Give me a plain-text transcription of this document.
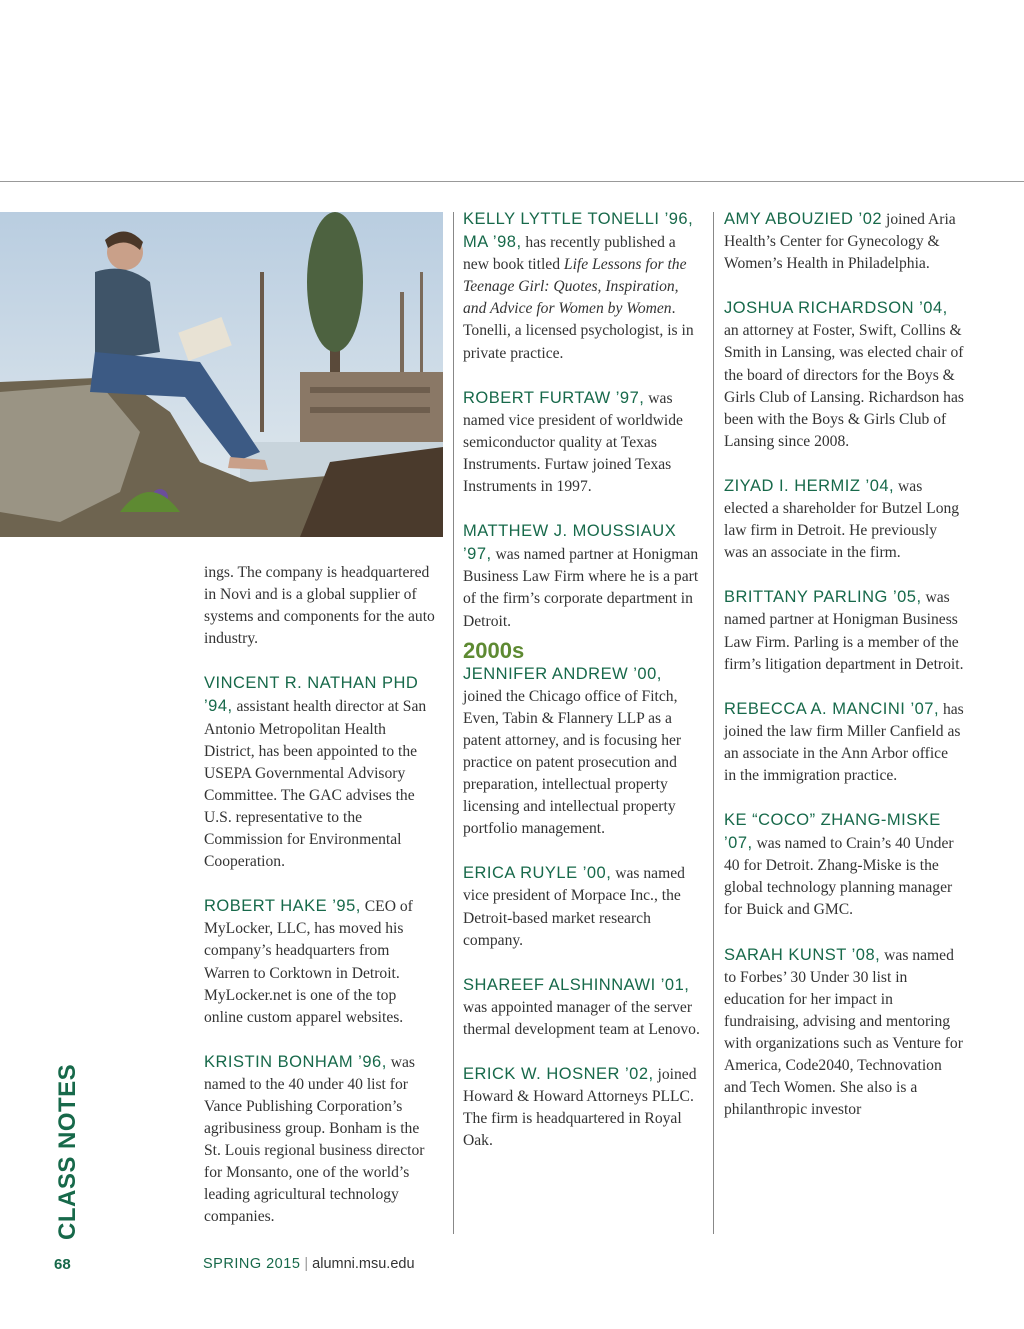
ings. The company is headquartered in Novi and is a global supplier of systems and components for the auto industry.
VINCENT R. NATHAN PHD ’94, assistant health director at San Antonio Metropolitan Health District, has been appointed to the USEPA Governmental Advisory Committee. The GAC advises the U.S. representative to the Commission for Environmental Cooperation.
ROBERT HAKE ’95, CEO of MyLocker, LLC, has moved his company’s headquarters from Warren to Corktown in Detroit. MyLocker.net is one of the top online custom apparel websites.
KRISTIN BONHAM ’96, was named to the 40 under 40 list for Vance Publishing Corporation’s agribusiness group. Bonham is the St. Louis regional business director for Monsanto, one of the world’s leading agricultural technology companies.
KELLY LYTTLE TONELLI ’96, MA ’98, has recently published a new book titled Life Lessons for the Teenage Girl: Quotes, Inspiration, and Advice for Women by Women. Tonelli, a licensed psychologist, is in private practice.
ROBERT FURTAW ’97, was named vice president of worldwide semiconductor quality at Texas Instruments. Furtaw joined Texas Instruments in 1997.
MATTHEW J. MOUSSIAUX ’97, was named partner at Honigman Business Law Firm where he is a part of the firm’s corporate department in Detroit.
2000s
JENNIFER ANDREW ’00, joined the Chicago office of Fitch, Even, Tabin & Flannery LLP as a patent attorney, and is focusing her practice on patent prosecution and preparation, intellectual property licensing and intellectual property portfolio management.
ERICA RUYLE ’00, was named vice president of Morpace Inc., the Detroit-based market research company.
SHAREEF ALSHINNAWI ’01, was appointed manager of the server thermal development team at Lenovo.
ERICK W. HOSNER ’02, joined Howard & Howard Attorneys PLLC. The firm is headquartered in Royal Oak.
AMY ABOUZIED ’02 joined Aria Health’s Center for Gynecology & Women’s Health in Philadelphia.
JOSHUA RICHARDSON ’04, an attorney at Foster, Swift, Collins & Smith in Lansing, was elected chair of the board of directors for the Boys & Girls Club of Lansing. Richardson has been with the Boys & Girls Club of Lansing since 2008.
ZIYAD I. HERMIZ ’04, was elected a shareholder for Butzel Long law firm in Detroit. He previously was an associate in the firm.
BRITTANY PARLING ’05, was named partner at Honigman Business Law Firm. Parling is a member of the firm’s litigation department in Detroit.
REBECCA A. MANCINI ’07, has joined the law firm Miller Canfield as an associate in the Ann Arbor office in the immigration practice.
KE “COCO” ZHANG-MISKE ’07, was named to Crain’s 40 Under 40 for Detroit. Zhang-Miske is the global technology planning manager for Buick and GMC.
SARAH KUNST ’08, was named to Forbes’ 30 Under 30 list in education for her impact in fundraising, advising and mentoring with organizations such as Venture for America, Code2040, Technovation and Tech Women. She also is a philanthropic investor
CLASS NOTES
68	SPRING 2015 | alumni.msu.edu
